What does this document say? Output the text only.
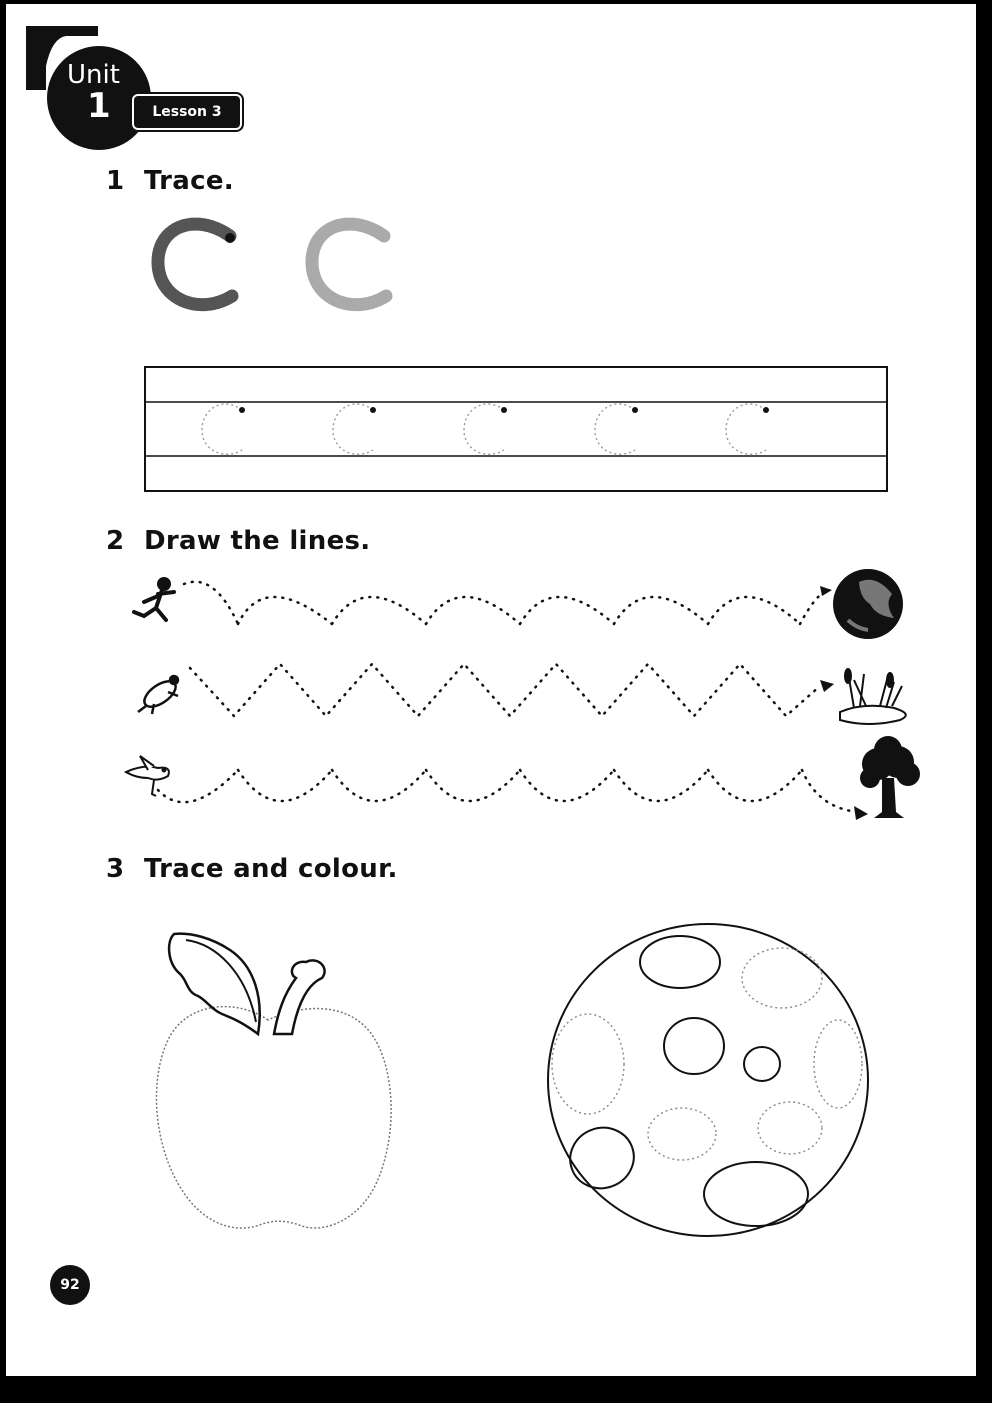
Unit
1	Lesson 3
1 Trace.
2 Draw the lines.
3 Trace and colour.
92
